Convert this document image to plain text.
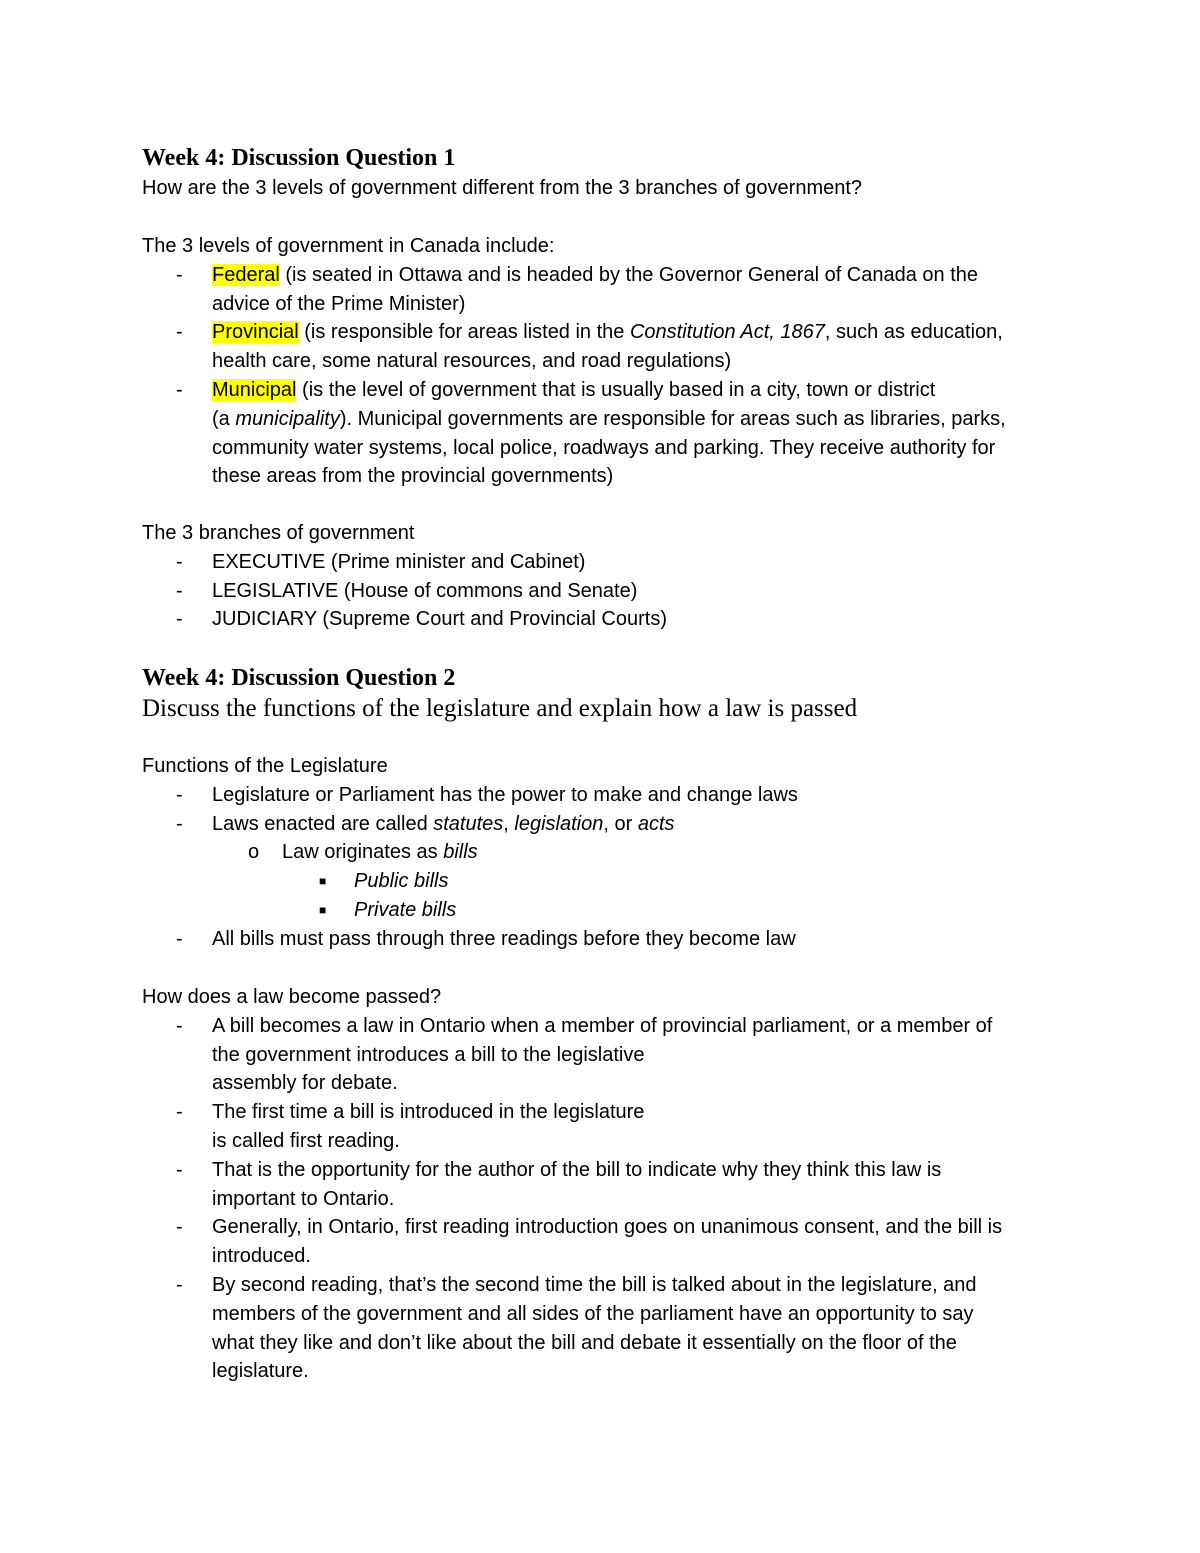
Week 4: Discussion Question 1

How are the 3 levels of government different from the 3 branches of government?

The 3 levels of government in Canada include:

- Federal (is seated in Ottawa and is headed by the Governor General of Canada on the
advice of the Prime Minister)
- Provincial (is responsible for areas listed in the Constitution Act, 1867, such as education,
health care, some natural resources, and road regulations)
- Municipal (is the level of government that is usually based in a city, town or district
(a municipality). Municipal governments are responsible for areas such as libraries, parks,
community water systems, local police, roadways and parking. They receive authority for
these areas from the provincial governments)

The 3 branches of government

- EXECUTIVE (Prime minister and Cabinet)
- LEGISLATIVE (House of commons and Senate)
- JUDICIARY (Supreme Court and Provincial Courts)
Week 4: Discussion Question 2

Discuss the functions of the legislature and explain how a law is passed

Functions of the Legislature

- Legislature or Parliament has the power to make and change laws
- Laws enacted are called statutes, legislation, or acts
o Law originates as bills
■ Public bills
■ Private bills
- All bills must pass through three readings before they become law

How does a law become passed?

- A bill becomes a law in Ontario when a member of provincial parliament, or a member of
the government introduces a bill to the legislative
assembly for debate.
- The first time a bill is introduced in the legislature
is called first reading.
- That is the opportunity for the author of the bill to indicate why they think this law is
important to Ontario.
- Generally, in Ontario, first reading introduction goes on unanimous consent, and the bill is
introduced.
- By second reading, that’s the second time the bill is talked about in the legislature, and
members of the government and all sides of the parliament have an opportunity to say
what they like and don’t like about the bill and debate it essentially on the floor of the
legislature.
